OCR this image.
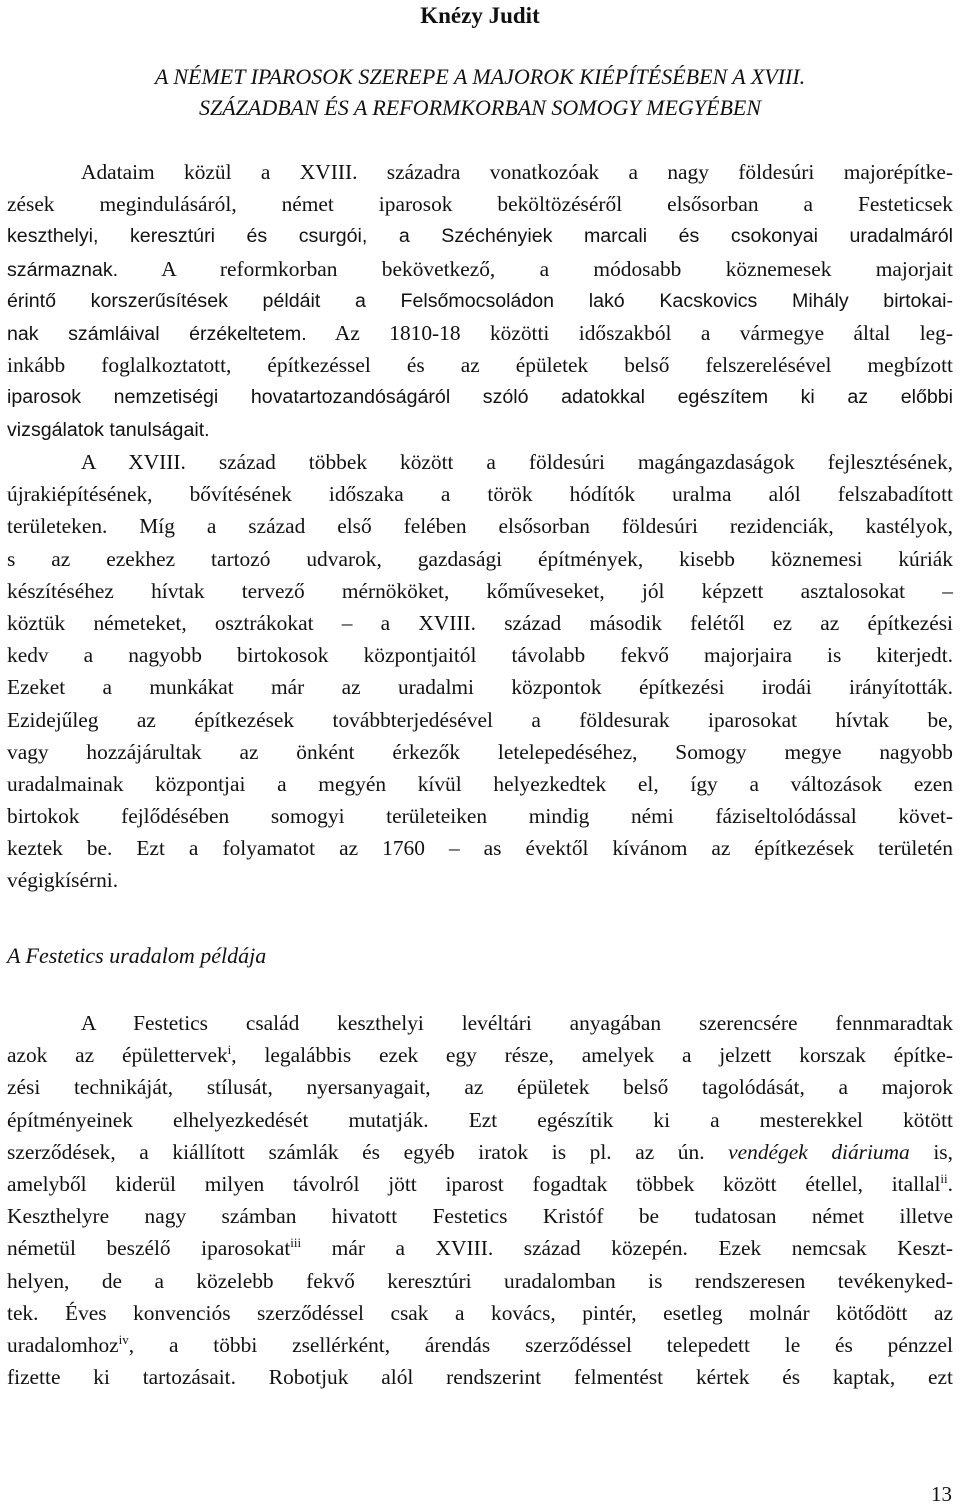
Knézy Judit
A NÉMET IPAROSOK SZEREPE A MAJOROK KIÉPÍTÉSÉBEN A XVIII.
SZÁZADBAN ÉS A REFORMKORBAN SOMOGY MEGYÉBEN
Adataim közül a XVIII. századra vonatkozóak a nagy földesúri majorépítke-
zések megindulásáról, német iparosok beköltözéséről elsősorban a Festeticsek
keszthelyi, keresztúri és csurgói, a Széchényiek marcali és csokonyai uradalmáról
származnak. A reformkorban bekövetkező, a módosabb köznemesek majorjait
érintő korszerűsítések példáit a Felsőmocsoládon lakó Kacskovics Mihály birtokai-
nak számláival érzékeltetem. Az 1810-18 közötti időszakból a vármegye által leg-
inkább foglalkoztatott, építkezéssel és az épületek belső felszerelésével megbízott
iparosok nemzetiségi hovatartozandóságáról szóló adatokkal egészítem ki az előbbi
vizsgálatok tanulságait.
A XVIII. század többek között a földesúri magángazdaságok fejlesztésének,
újrakiépítésének, bővítésének időszaka a török hódítók uralma alól felszabadított
területeken. Míg a század első felében elsősorban földesúri rezidenciák, kastélyok,
s az ezekhez tartozó udvarok, gazdasági építmények, kisebb köznemesi kúriák
készítéséhez hívtak tervező mérnököket, kőműveseket, jól képzett asztalosokat –
köztük németeket, osztrákokat – a XVIII. század második felétől ez az építkezési
kedv a nagyobb birtokosok központjaitól távolabb fekvő majorjaira is kiterjedt.
Ezeket a munkákat már az uradalmi központok építkezési irodái irányították.
Ezidejűleg az építkezések továbbterjedésével a földesurak iparosokat hívtak be,
vagy hozzájárultak az önként érkezők letelepedéséhez, Somogy megye nagyobb
uradalmainak központjai a megyén kívül helyezkedtek el, így a változások ezen
birtokok fejlődésében somogyi területeiken mindig némi fáziseltolódással követ-
keztek be. Ezt a folyamatot az 1760 – as évektől kívánom az építkezések területén
végigkísérni.
A Festetics uradalom példája
A Festetics család keszthelyi levéltári anyagában szerencsére fennmaradtak
azok az épülettervek$^i$, legalábbis ezek egy része, amelyek a jelzett korszak építke-
zési technikáját, stílusát, nyersanyagait, az épületek belső tagolódását, a majorok
építményeinek elhelyezkedését mutatják. Ezt egészítik ki a mesterekkel kötött
szerződések, a kiállított számlák és egyéb iratok is pl. az ún. vendégek diáriuma is,
amelyből kiderül milyen távolról jött iparost fogadtak többek között étellel, itallal$^{ii}$.
Keszthelyre nagy számban hivatott Festetics Kristóf be tudatosan német illetve
németül beszélő iparosokat$^{iii}$ már a XVIII. század közepén. Ezek nemcsak Keszt-
helyen, de a közelebb fekvő keresztúri uradalomban is rendszeresen tevékenyked-
tek. Éves konvenciós szerződéssel csak a kovács, pintér, esetleg molnár kötődött az
uradalomhoz$^{iv}$, a többi zsellérként, árendás szerződéssel telepedett le és pénzzel
fizette ki tartozásait. Robotjuk alól rendszerint felmentést kértek és kaptak, ezt
13
